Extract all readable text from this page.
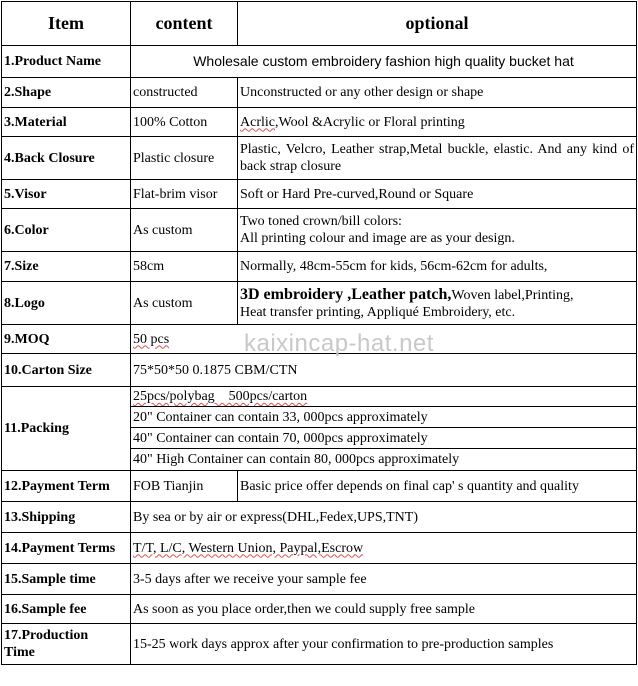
Item	content	optional
1.Product Name	Wholesale custom embroidery fashion high quality bucket hat	
2.Shape	constructed	Unconstructed or any other design or shape
3.Material	100% Cotton	Acrlic,Wool &Acrylic or Floral printing
4.Back Closure	Plastic closure	Plastic, Velcro, Leather strap,Metal buckle, elastic. And any kind of back strap closure
5.Visor	Flat-brim visor	Soft or Hard Pre-curved,Round or Square
6.Color	As custom	Two toned crown/bill colors:
All printing colour and image are as your design.

7.Size	58cm	Normally, 48cm-55cm for kids, 56cm-62cm for adults,
8.Logo	As custom	3D embroidery ,Leather patch,Woven label,Printing,
Heat transfer printing, Appliqué Embroidery, etc.

9.MOQ	50 pcs	
10.Carton Size	75*50*50 0.1875 CBM/CTN	
11.Packing	25pcs/polybag    500pcs/carton	
	20" Container can contain 33, 000pcs approximately	
	40" Container can contain 70, 000pcs approximately	
	40" High Container can contain 80, 000pcs approximately	
12.Payment Term	FOB Tianjin	Basic price offer depends on final cap' s quantity and quality
13.Shipping	By sea or by air or express(DHL,Fedex,UPS,TNT)	
14.Payment Terms	T/T, L/C, Western Union, Paypal,Escrow	
15.Sample time	3-5 days after we receive your sample fee	
16.Sample fee	As soon as you place order,then we could supply free sample	

17.Production
Time	15-25 work days approx after your confirmation to pre-production samples	
kaixincap-hat.net
